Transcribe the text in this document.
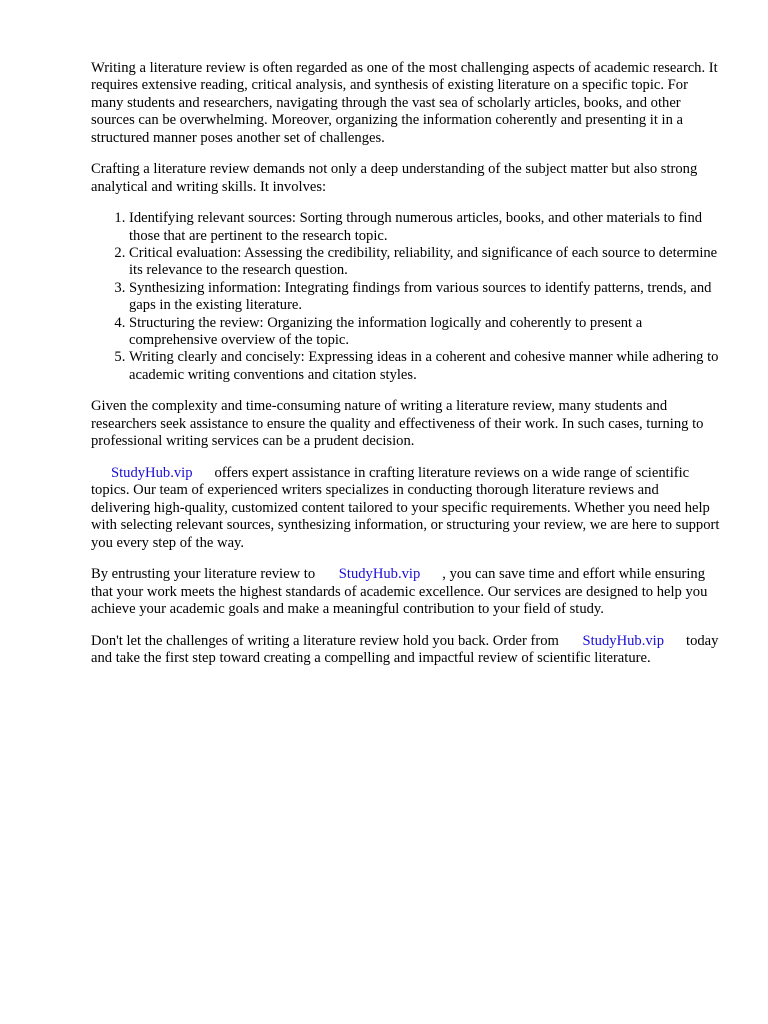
Writing a literature review is often regarded as one of the most challenging aspects of academic research. It requires extensive reading, critical analysis, and synthesis of existing literature on a specific topic. For many students and researchers, navigating through the vast sea of scholarly articles, books, and other sources can be overwhelming. Moreover, organizing the information coherently and presenting it in a structured manner poses another set of challenges.

Crafting a literature review demands not only a deep understanding of the subject matter but also strong analytical and writing skills. It involves:

1. Identifying relevant sources: Sorting through numerous articles, books, and other materials to find those that are pertinent to the research topic.
2. Critical evaluation: Assessing the credibility, reliability, and significance of each source to determine its relevance to the research question.
3. Synthesizing information: Integrating findings from various sources to identify patterns, trends, and gaps in the existing literature.
4. Structuring the review: Organizing the information logically and coherently to present a comprehensive overview of the topic.
5. Writing clearly and concisely: Expressing ideas in a coherent and cohesive manner while adhering to academic writing conventions and citation styles.

Given the complexity and time-consuming nature of writing a literature review, many students and researchers seek assistance to ensure the quality and effectiveness of their work. In such cases, turning to professional writing services can be a prudent decision.

StudyHub.vip offers expert assistance in crafting literature reviews on a wide range of scientific topics. Our team of experienced writers specializes in conducting thorough literature reviews and delivering high-quality, customized content tailored to your specific requirements. Whether you need help with selecting relevant sources, synthesizing information, or structuring your review, we are here to support you every step of the way.

By entrusting your literature review to StudyHub.vip , you can save time and effort while ensuring that your work meets the highest standards of academic excellence. Our services are designed to help you achieve your academic goals and make a meaningful contribution to your field of study.

Don't let the challenges of writing a literature review hold you back. Order from StudyHub.vip today and take the first step toward creating a compelling and impactful review of scientific literature.
